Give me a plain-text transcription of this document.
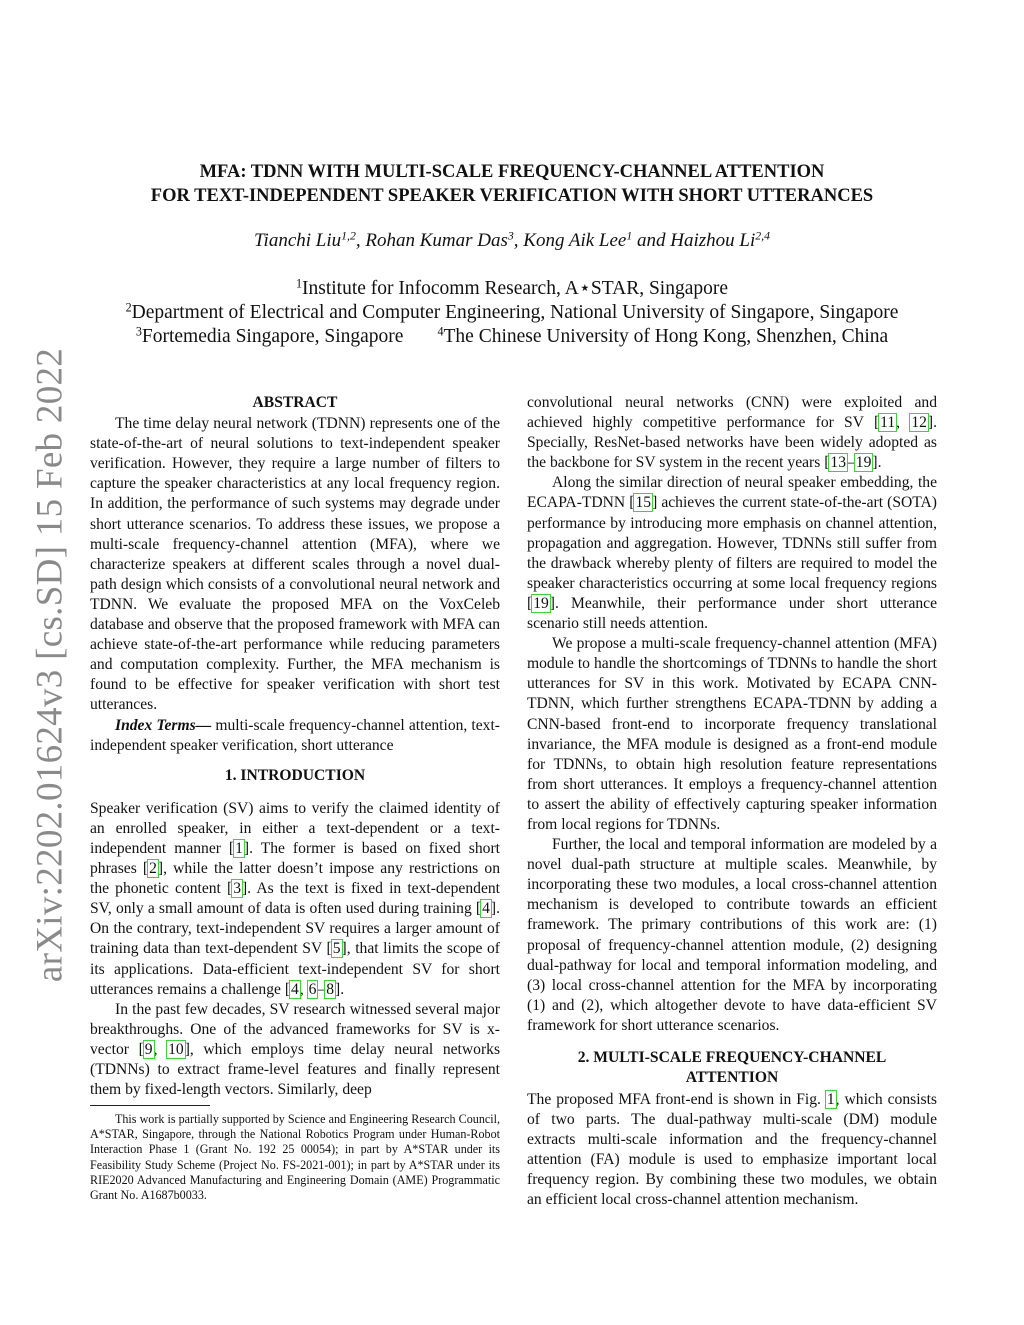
arXiv:2202.01624v3 [cs.SD] 15 Feb 2022
MFA: TDNN WITH MULTI-SCALE FREQUENCY-CHANNEL ATTENTION
FOR TEXT-INDEPENDENT SPEAKER VERIFICATION WITH SHORT UTTERANCES
Tianchi Liu$^{1,2}$, Rohan Kumar Das$^3$, Kong Aik Lee$^1$ and Haizhou Li$^{2,4}$
$^1$Institute for Infocomm Research, A⋆STAR, Singapore
$^2$Department of Electrical and Computer Engineering, National University of Singapore, Singapore
$^3$Fortemedia Singapore, Singapore	$^4$The Chinese University of Hong Kong, Shenzhen, China
ABSTRACT

The time delay neural network (TDNN) represents one of the state-of-the-art of neural solutions to text-independent speaker verification. However, they require a large number of filters to capture the speaker characteristics at any local frequency region. In addition, the performance of such systems may degrade under short utterance scenarios. To address these issues, we propose a multi-scale frequency-channel attention (MFA), where we characterize speakers at different scales through a novel dual-path design which consists of a convolutional neural network and TDNN. We evaluate the proposed MFA on the VoxCeleb database and observe that the proposed framework with MFA can achieve state-of-the-art performance while reducing parameters and computation complexity. Further, the MFA mechanism is found to be effective for speaker verification with short test utterances.

Index Terms— multi-scale frequency-channel attention, text-independent speaker verification, short utterance

1. INTRODUCTION

Speaker verification (SV) aims to verify the claimed identity of an enrolled speaker, in either a text-dependent or a text-independent manner [1]. The former is based on fixed short phrases [2], while the latter doesn’t impose any restrictions on the phonetic content [3]. As the text is fixed in text-dependent SV, only a small amount of data is often used during training [4]. On the contrary, text-independent SV requires a larger amount of training data than text-dependent SV [5], that limits the scope of its applications. Data-efficient text-independent SV for short utterances remains a challenge [4, 6–8].

In the past few decades, SV research witnessed several major breakthroughs. One of the advanced frameworks for SV is x-vector [9, 10], which employs time delay neural networks (TDNNs) to extract frame-level features and finally represent them by fixed-length vectors. Similarly, deep

This work is partially supported by Science and Engineering Research Council, A*STAR, Singapore, through the National Robotics Program under Human-Robot Interaction Phase 1 (Grant No. 192 25 00054); in part by A*STAR under its Feasibility Study Scheme (Project No. FS-2021-001); in part by A*STAR under its RIE2020 Advanced Manufacturing and Engineering Domain (AME) Programmatic Grant No. A1687b0033.

convolutional neural networks (CNN) were exploited and achieved highly competitive performance for SV [11, 12]. Specially, ResNet-based networks have been widely adopted as the backbone for SV system in the recent years [13–19].

Along the similar direction of neural speaker embedding, the ECAPA-TDNN [15] achieves the current state-of-the-art (SOTA) performance by introducing more emphasis on channel attention, propagation and aggregation. However, TDNNs still suffer from the drawback whereby plenty of filters are required to model the speaker characteristics occurring at some local frequency regions [19]. Meanwhile, their performance under short utterance scenario still needs attention.

We propose a multi-scale frequency-channel attention (MFA) module to handle the shortcomings of TDNNs to handle the short utterances for SV in this work. Motivated by ECAPA CNN-TDNN, which further strengthens ECAPA-TDNN by adding a CNN-based front-end to incorporate frequency translational invariance, the MFA module is designed as a front-end module for TDNNs, to obtain high resolution feature representations from short utterances. It employs a frequency-channel attention to assert the ability of effectively capturing speaker information from local regions for TDNNs.

Further, the local and temporal information are modeled by a novel dual-path structure at multiple scales. Meanwhile, by incorporating these two modules, a local cross-channel attention mechanism is developed to contribute towards an efficient framework. The primary contributions of this work are: (1) proposal of frequency-channel attention module, (2) designing dual-pathway for local and temporal information modeling, and (3) local cross-channel attention for the MFA by incorporating (1) and (2), which altogether devote to have data-efficient SV framework for short utterance scenarios.

2. MULTI-SCALE FREQUENCY-CHANNEL
ATTENTION

The proposed MFA front-end is shown in Fig. 1, which consists of two parts. The dual-pathway multi-scale (DM) module extracts multi-scale information and the frequency-channel attention (FA) module is used to emphasize important local frequency region. By combining these two modules, we obtain an efficient local cross-channel attention mechanism.
